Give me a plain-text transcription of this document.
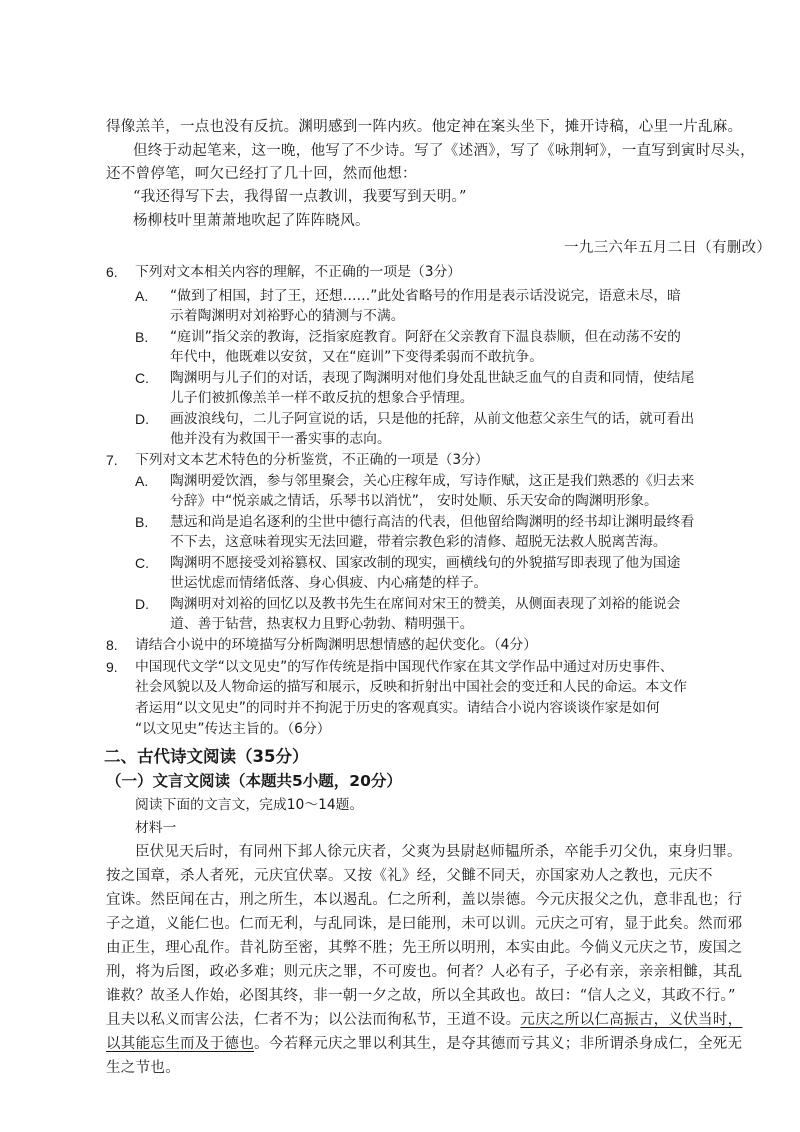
得像羔羊，一点也没有反抗。渊明感到一阵内疚。他定神在案头坐下，摊开诗稿，心里一片乱麻。
但终于动起笔来，这一晚，他写了不少诗。写了《述酒》，写了《咏荆轲》，一直写到寅时尽头，
还不曾停笔，呵欠已经打了几十回，然而他想：
“我还得写下去，我得留一点教训，我要写到天明。”
杨柳枝叶里萧萧地吹起了阵阵晓风。
一九三六年五月二日（有删改）
6. 下列对文本相关内容的理解，不正确的一项是（3分）
A. “做到了相国，封了王，还想……”此处省略号的作用是表示话没说完，语意未尽，暗
示着陶渊明对刘裕野心的猜测与不满。
B. “庭训”指父亲的教诲，泛指家庭教育。阿舒在父亲教育下温良恭顺，但在动荡不安的
年代中，他既难以安贫，又在“庭训”下变得柔弱而不敢抗争。
C. 陶渊明与儿子们的对话，表现了陶渊明对他们身处乱世缺乏血气的自责和同情，使结尾
儿子们被抓像羔羊一样不敢反抗的想象合乎情理。
D. 画波浪线句，二儿子阿宣说的话，只是他的托辞，从前文他惹父亲生气的话，就可看出
他并没有为救国干一番实事的志向。
7. 下列对文本艺术特色的分析鉴赏，不正确的一项是（3分）
A. 陶渊明爱饮酒，参与邻里聚会，关心庄稼年成，写诗作赋，这正是我们熟悉的《归去来
兮辞》中“悦亲戚之情话，乐琴书以消忧”， 安时处顺、乐天安命的陶渊明形象。
B. 慧远和尚是追名逐利的尘世中德行高洁的代表，但他留给陶渊明的经书却让渊明最终看
不下去，这意味着现实无法回避，带着宗教色彩的清修、超脱无法救人脱离苦海。
C. 陶渊明不愿接受刘裕篡权、国家改制的现实，画横线句的外貌描写即表现了他为国途
世运忧虑而情绪低落、身心俱疲、内心痛楚的样子。
D. 陶渊明对刘裕的回忆以及教书先生在席间对宋王的赞美，从侧面表现了刘裕的能说会
道、善于钻营，热衷权力且野心勃勃、精明强干。
8. 请结合小说中的环境描写分析陶渊明思想情感的起伏变化。（4分）
9. 中国现代文学“以文见史”的写作传统是指中国现代作家在其文学作品中通过对历史事件、
社会风貌以及人物命运的描写和展示，反映和折射出中国社会的变迁和人民的命运。本文作
者运用“以文见史”的同时并不拘泥于历史的客观真实。请结合小说内容谈谈作家是如何
“以文见史”传达主旨的。（6分）
二、古代诗文阅读（35分）
（一）文言文阅读（本题共5小题，20分）
阅读下面的文言文，完成10～14题。
材料一
臣伏见天后时，有同州下邽人徐元庆者，父爽为县尉赵师韫所杀，卒能手刃父仇，束身归罪。
按之国章，杀人者死，元庆宜伏辜。又按《礼》经，父雠不同天，亦国家劝人之教也，元庆不
宜诛。然臣闻在古，刑之所生，本以遏乱。仁之所利，盖以崇德。今元庆报父之仇，意非乱也；行
子之道，义能仁也。仁而无利，与乱同诛，是曰能刑，未可以训。元庆之可宥，显于此矣。然而邪
由正生，理心乱作。昔礼防至密，其弊不胜；先王所以明刑，本实由此。今倘义元庆之节，废国之
刑，将为后图，政必多难；则元庆之罪，不可废也。何者？人必有子，子必有亲，亲亲相雠，其乱
谁救？故圣人作始，必图其终，非一朝一夕之故，所以全其政也。故曰：“信人之义，其政不行。”
且夫以私义而害公法，仁者不为；以公法而徇私节，王道不设。元庆之所以仁高振古，义伏当时，
以其能忘生而及于德也。今若释元庆之罪以利其生，是夺其德而亏其义；非所谓杀身成仁，全死无
生之节也。
